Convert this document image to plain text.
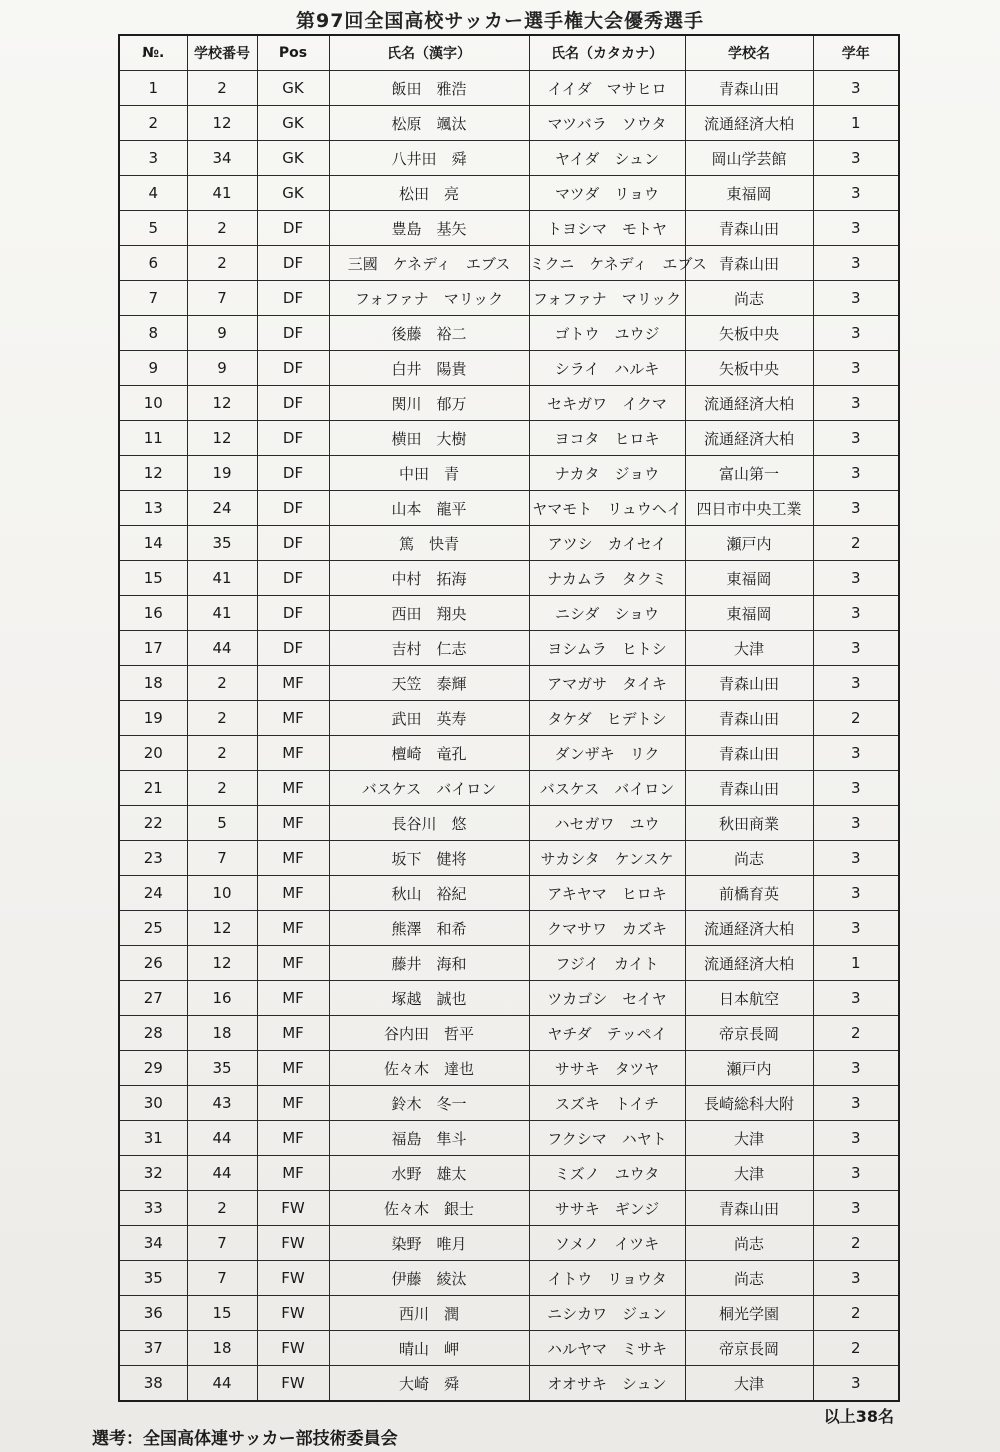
第97回全国高校サッカー選手権大会優秀選手
№.	学校番号	Pos	氏名（漢字）	氏名（カタカナ）	学校名	学年
1	2	GK	飯田　雅浩	イイダ　マサヒロ	青森山田	3
2	12	GK	松原　颯汰	マツバラ　ソウタ	流通経済大柏	1
3	34	GK	八井田　舜	ヤイダ　シュン	岡山学芸館	3
4	41	GK	松田　亮	マツダ　リョウ	東福岡	3
5	2	DF	豊島　基矢	トヨシマ　モトヤ	青森山田	3
6	2	DF	三國　ケネディ　エブス	ミクニ　ケネディ　エブス	青森山田	3
7	7	DF	フォファナ　マリック	フォファナ　マリック	尚志	3
8	9	DF	後藤　裕二	ゴトウ　ユウジ	矢板中央	3
9	9	DF	白井　陽貴	シライ　ハルキ	矢板中央	3
10	12	DF	関川　郁万	セキガワ　イクマ	流通経済大柏	3
11	12	DF	横田　大樹	ヨコタ　ヒロキ	流通経済大柏	3
12	19	DF	中田　青	ナカタ　ジョウ	富山第一	3
13	24	DF	山本　龍平	ヤマモト　リュウヘイ	四日市中央工業	3
14	35	DF	篤　快青	アツシ　カイセイ	瀬戸内	2
15	41	DF	中村　拓海	ナカムラ　タクミ	東福岡	3
16	41	DF	西田　翔央	ニシダ　ショウ	東福岡	3
17	44	DF	吉村　仁志	ヨシムラ　ヒトシ	大津	3
18	2	MF	天笠　泰輝	アマガサ　タイキ	青森山田	3
19	2	MF	武田　英寿	タケダ　ヒデトシ	青森山田	2
20	2	MF	檀崎　竜孔	ダンザキ　リク	青森山田	3
21	2	MF	バスケス　バイロン	バスケス　バイロン	青森山田	3
22	5	MF	長谷川　悠	ハセガワ　ユウ	秋田商業	3
23	7	MF	坂下　健将	サカシタ　ケンスケ	尚志	3
24	10	MF	秋山　裕紀	アキヤマ　ヒロキ	前橋育英	3
25	12	MF	熊澤　和希	クマサワ　カズキ	流通経済大柏	3
26	12	MF	藤井　海和	フジイ　カイト	流通経済大柏	1
27	16	MF	塚越　誠也	ツカゴシ　セイヤ	日本航空	3
28	18	MF	谷内田　哲平	ヤチダ　テッペイ	帝京長岡	2
29	35	MF	佐々木　達也	ササキ　タツヤ	瀬戸内	3
30	43	MF	鈴木　冬一	スズキ　トイチ	長崎総科大附	3
31	44	MF	福島　隼斗	フクシマ　ハヤト	大津	3
32	44	MF	水野　雄太	ミズノ　ユウタ	大津	3
33	2	FW	佐々木　銀士	ササキ　ギンジ	青森山田	3
34	7	FW	染野　唯月	ソメノ　イツキ	尚志	2
35	7	FW	伊藤　綾汰	イトウ　リョウタ	尚志	3
36	15	FW	西川　潤	ニシカワ　ジュン	桐光学園	2
37	18	FW	晴山　岬	ハルヤマ　ミサキ	帝京長岡	2
38	44	FW	大崎　舜	オオサキ　シュン	大津	3
以上38名
選考：全国高体連サッカー部技術委員会
